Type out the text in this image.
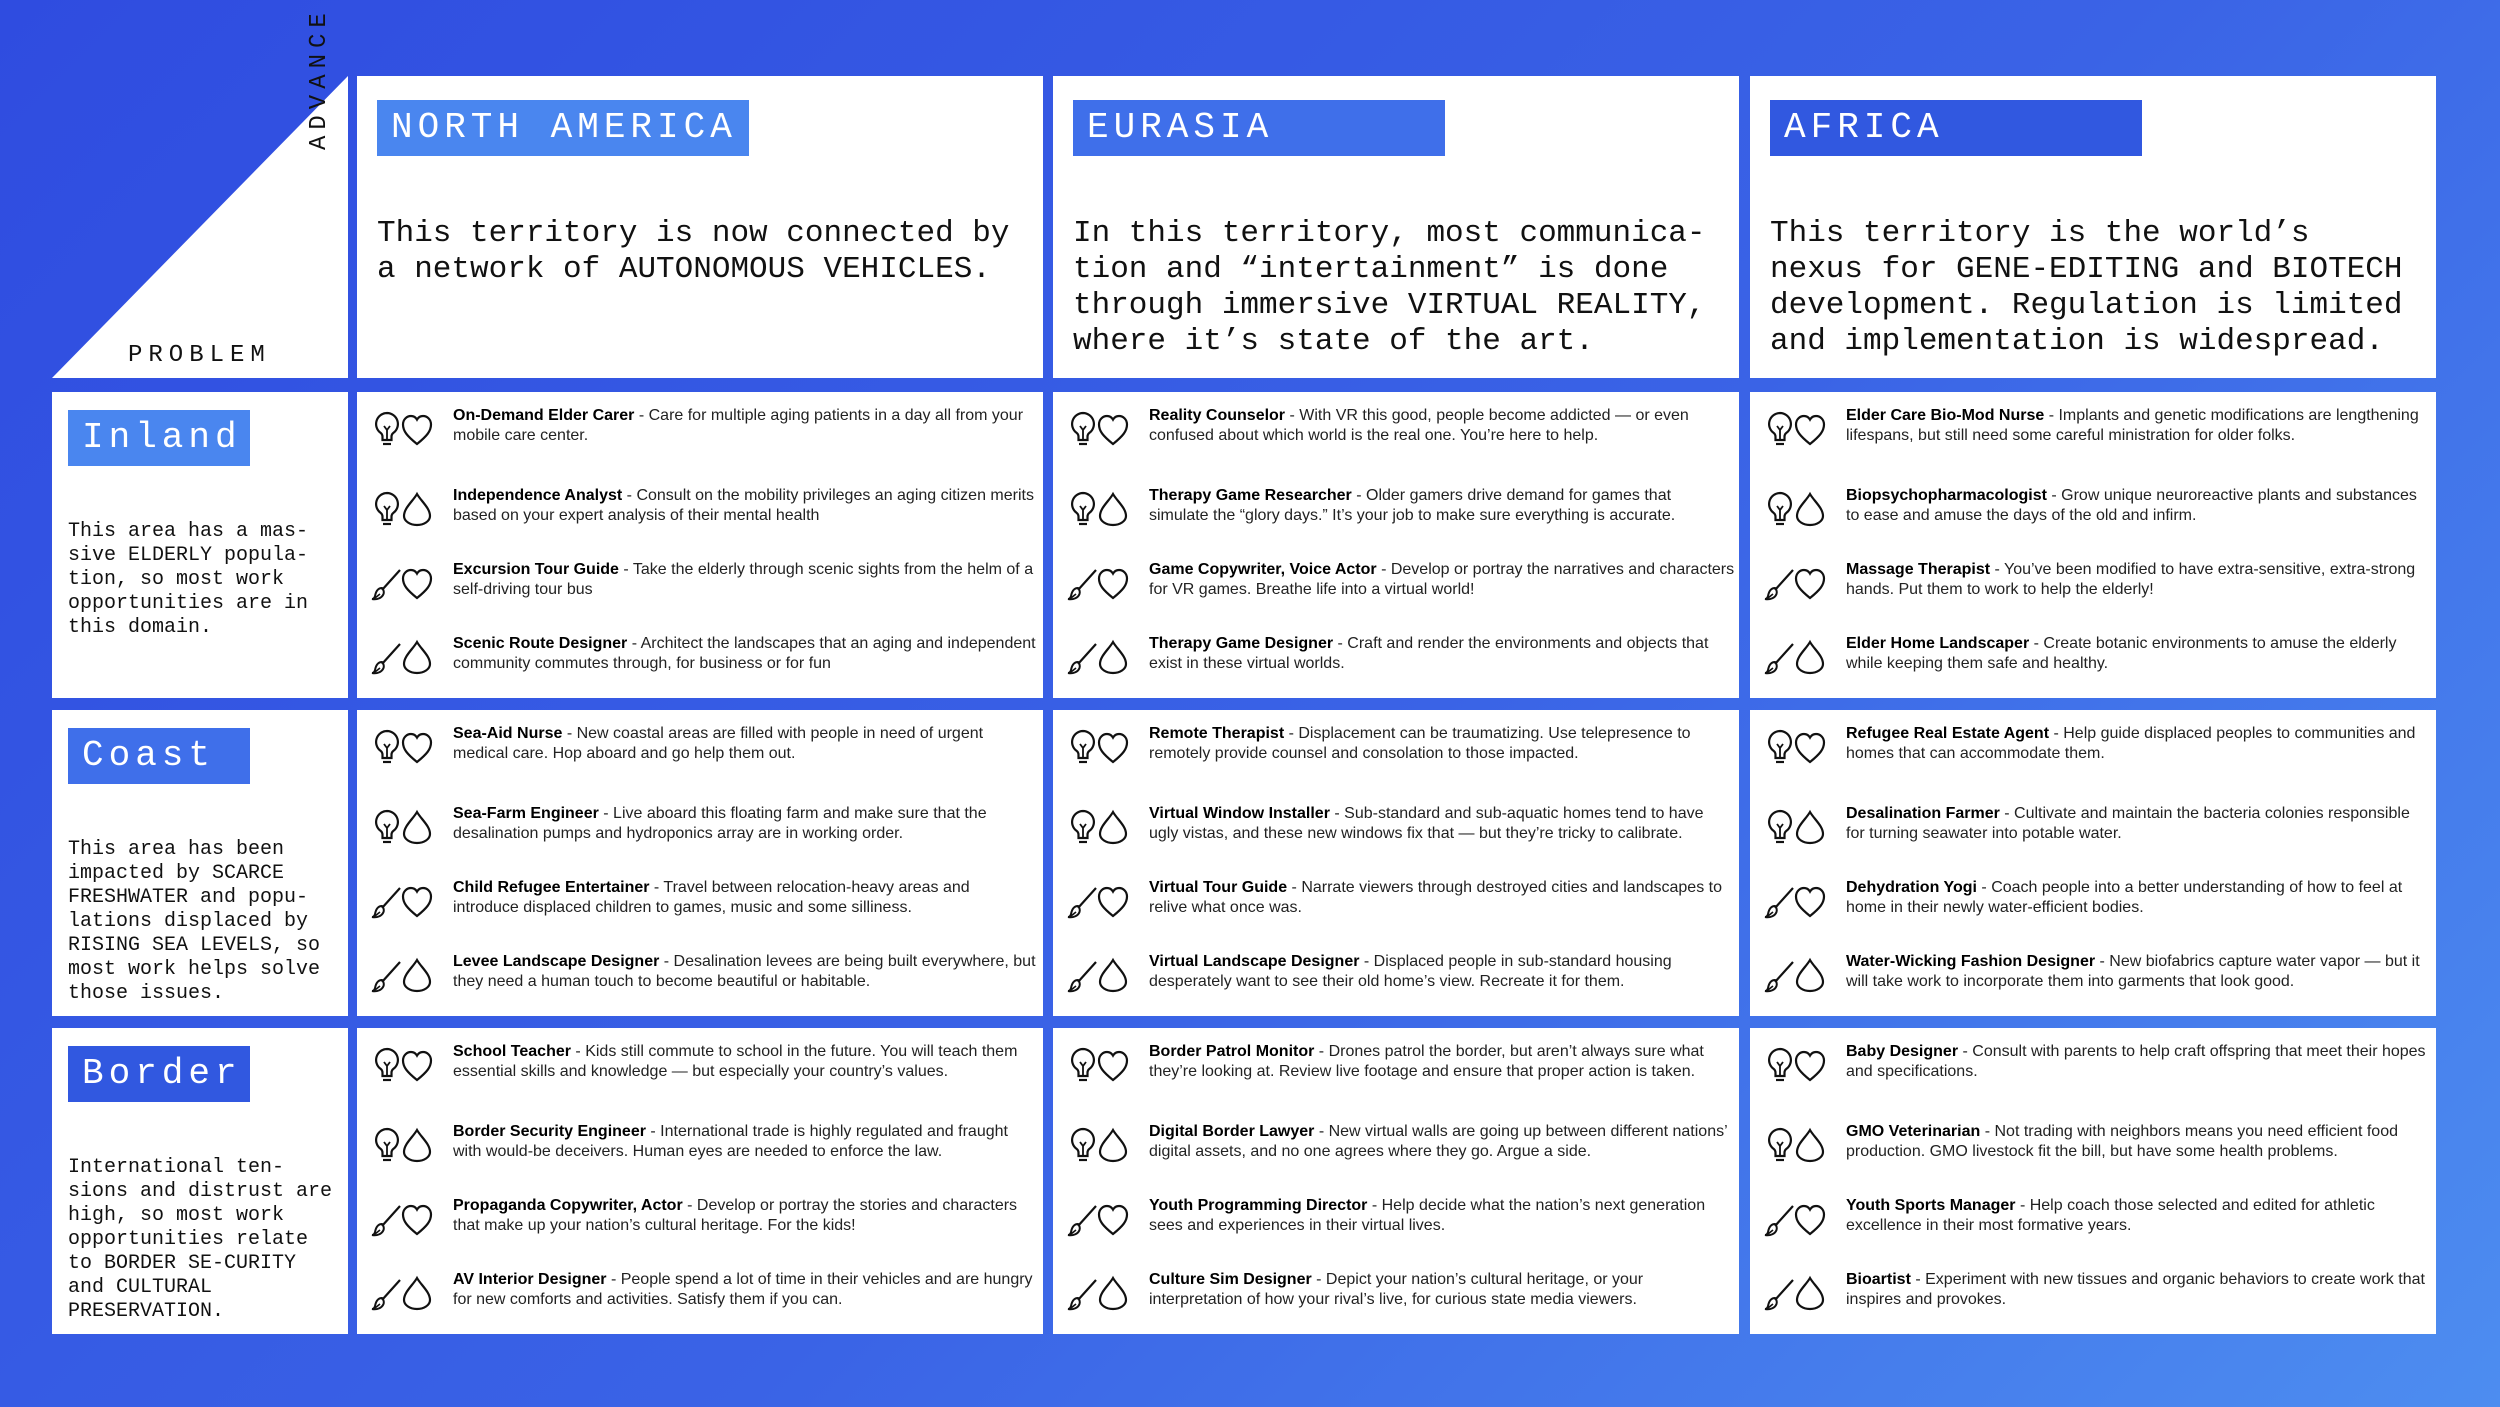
ADVANCE
PROBLEM
NORTH AMERICA
This territory is now connected by a network of AUTONOMOUS VEHICLES.
EURASIA
In this territory, most communica-tion and “intertainment” is done through immersive VIRTUAL REALITY, where it’s state of the art.
AFRICA
This territory is the world’s nexus for GENE-EDITING and BIOTECH development. Regulation is limited and implementation is widespread.
Inland
This area has a mas-sive ELDERLY popula-tion, so most work opportunities are in this domain.
Coast
This area has been impacted by SCARCE FRESHWATER and popu-lations displaced by RISING SEA LEVELS, so most work helps solve those issues.
Border
International ten-sions and distrust are high, so most work opportunities relate to BORDER SE-CURITY and CULTURAL PRESERVATION.
On-Demand Elder Carer - Care for multiple aging patients in a day all from your mobile care center.
Independence Analyst - Consult on the mobility privileges an aging citizen merits based on your expert analysis of their mental health
Excursion Tour Guide - Take the elderly through scenic sights from the helm of a self-driving tour bus
Scenic Route Designer - Architect the landscapes that an aging and independent community commutes through, for business or for fun
Reality Counselor - With VR this good, people become addicted — or even confused about which world is the real one. You’re here to help.
Therapy Game Researcher - Older gamers drive demand for games that simulate the “glory days.” It’s your job to make sure everything is accurate.
Game Copywriter, Voice Actor - Develop or portray the narratives and characters for VR games. Breathe life into a virtual world!
Therapy Game Designer - Craft and render the environments and objects that exist in these virtual worlds.
Elder Care Bio-Mod Nurse - Implants and genetic modifications are lengthening lifespans, but still need some careful ministration for older folks.
Biopsychopharmacologist - Grow unique neuroreactive plants and substances to ease and amuse the days of the old and infirm.
Massage Therapist - You’ve been modified to have extra-sensitive, extra-strong hands. Put them to work to help the elderly!
Elder Home Landscaper - Create botanic environments to amuse the elderly while keeping them safe and healthy.
Sea-Aid Nurse - New coastal areas are filled with people in need of urgent medical care. Hop aboard and go help them out.
Sea-Farm Engineer - Live aboard this floating farm and make sure that the desalination pumps and hydroponics array are in working order.
Child Refugee Entertainer - Travel between relocation-heavy areas and introduce displaced children to games, music and some silliness.
Levee Landscape Designer - Desalination levees are being built everywhere, but they need a human touch to become beautiful or habitable.
Remote Therapist - Displacement can be traumatizing. Use telepresence to remotely provide counsel and consolation to those impacted.
Virtual Window Installer - Sub-standard and sub-aquatic homes tend to have ugly vistas, and these new windows fix that — but they’re tricky to calibrate.
Virtual Tour Guide - Narrate viewers through destroyed cities and landscapes to relive what once was.
Virtual Landscape Designer - Displaced people in sub-standard housing desperately want to see their old home’s view. Recreate it for them.
Refugee Real Estate Agent - Help guide displaced peoples to communities and homes that can accommodate them.
Desalination Farmer - Cultivate and maintain the bacteria colonies responsible for turning seawater into potable water.
Dehydration Yogi - Coach people into a better understanding of how to feel at home in their newly water-efficient bodies.
Water-Wicking Fashion Designer - New biofabrics capture water vapor — but it will take work to incorporate them into garments that look good.
School Teacher - Kids still commute to school in the future. You will teach them essential skills and knowledge — but especially your country’s values.
Border Security Engineer - International trade is highly regulated and fraught with would-be deceivers. Human eyes are needed to enforce the law.
Propaganda Copywriter, Actor - Develop or portray the stories and characters that make up your nation’s cultural heritage. For the kids!
AV Interior Designer - People spend a lot of time in their vehicles and are hungry for new comforts and activities. Satisfy them if you can.
Border Patrol Monitor - Drones patrol the border, but aren’t always sure what they’re looking at. Review live footage and ensure that proper action is taken.
Digital Border Lawyer - New virtual walls are going up between different nations’ digital assets, and no one agrees where they go. Argue a side.
Youth Programming Director - Help decide what the nation’s next generation sees and experiences in their virtual lives.
Culture Sim Designer - Depict your nation’s cultural heritage, or your interpretation of how your rival’s live, for curious state media viewers.
Baby Designer - Consult with parents to help craft offspring that meet their hopes and specifications.
GMO Veterinarian - Not trading with neighbors means you need efficient food production. GMO livestock fit the bill, but have some health problems.
Youth Sports Manager - Help coach those selected and edited for athletic excellence in their most formative years.
Bioartist - Experiment with new tissues and organic behaviors to create work that inspires and provokes.
